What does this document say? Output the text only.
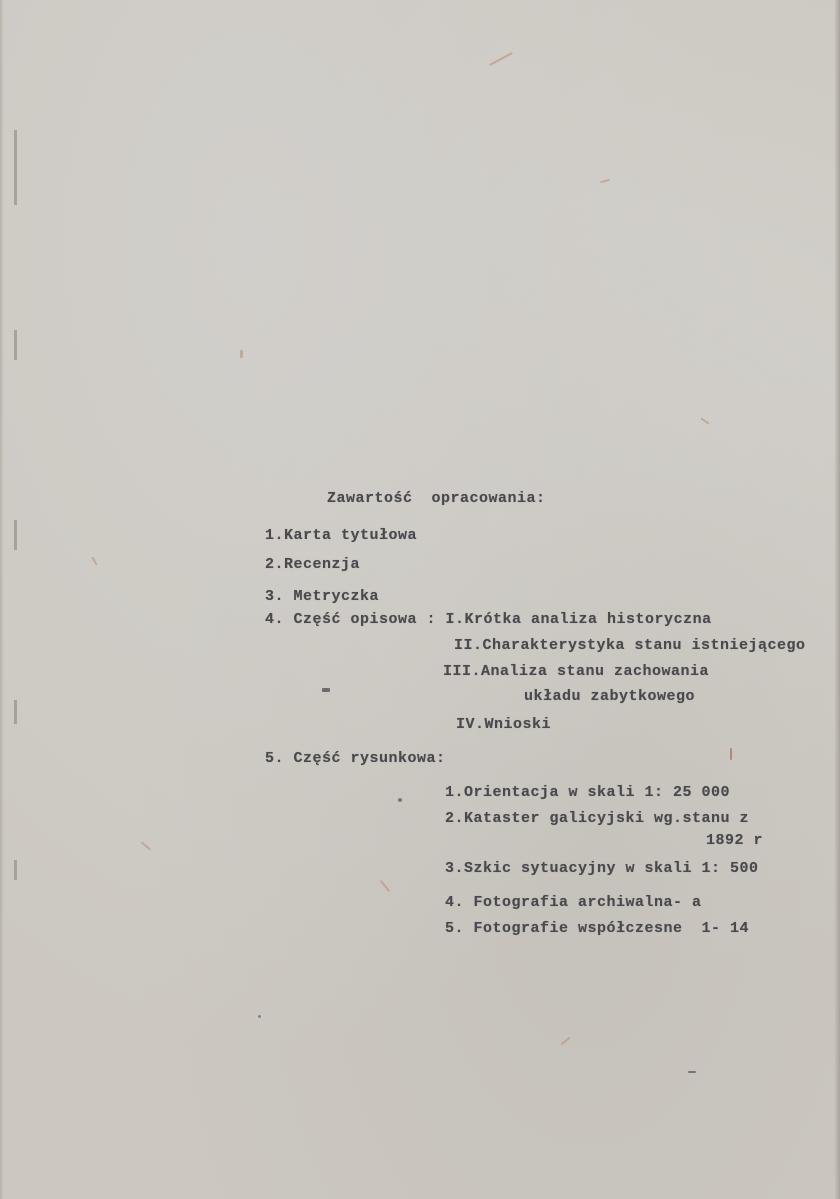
Zawartość  opracowania:
1.Karta tytułowa
2.Recenzja
3. Metryczka
4. Część opisowa : I.Krótka analiza historyczna
II.Charakterystyka stanu istniejącego
III.Analiza stanu zachowania
układu zabytkowego
IV.Wnioski
5. Część rysunkowa:
1.Orientacja w skali 1: 25 000
2.Kataster galicyjski wg.stanu z
1892 r
3.Szkic sytuacyjny w skali 1: 500
4. Fotografia archiwalna- a
5. Fotografie współczesne  1- 14
